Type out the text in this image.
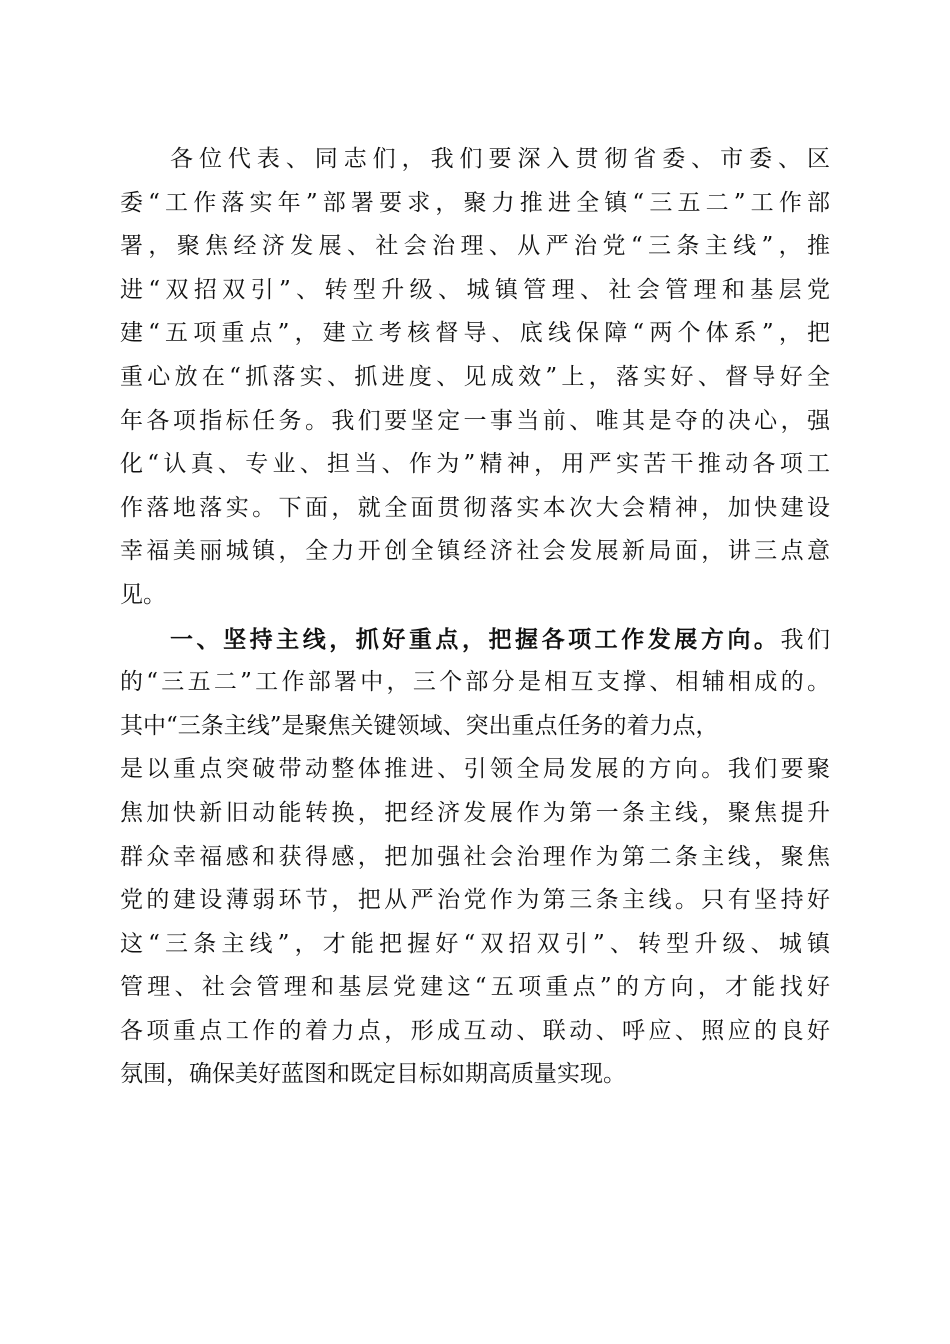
各位代表、同志们，我们要深入贯彻省委、市委、区
委“工作落实年”部署要求，聚力推进全镇“三五二”工作部
署，聚焦经济发展、社会治理、从严治党“三条主线”，推
进“双招双引”、转型升级、城镇管理、社会管理和基层党
建“五项重点”，建立考核督导、底线保障“两个体系”，把
重心放在“抓落实、抓进度、见成效”上，落实好、督导好全
年各项指标任务。我们要坚定一事当前、唯其是夺的决心，强
化“认真、专业、担当、作为”精神，用严实苦干推动各项工
作落地落实。下面，就全面贯彻落实本次大会精神，加快建设
幸福美丽城镇，全力开创全镇经济社会发展新局面，讲三点意
见。
一、坚持主线，抓好重点，把握各项工作发展方向。我们
的“三五二”工作部署中，三个部分是相互支撑、相辅相成的。
其中“三条主线”是聚焦关键领域、突出重点任务的着力点，
是以重点突破带动整体推进、引领全局发展的方向。我们要聚
焦加快新旧动能转换，把经济发展作为第一条主线，聚焦提升
群众幸福感和获得感，把加强社会治理作为第二条主线，聚焦
党的建设薄弱环节，把从严治党作为第三条主线。只有坚持好
这“三条主线”，才能把握好“双招双引”、转型升级、城镇
管理、社会管理和基层党建这“五项重点”的方向，才能找好
各项重点工作的着力点，形成互动、联动、呼应、照应的良好
氛围，确保美好蓝图和既定目标如期高质量实现。
